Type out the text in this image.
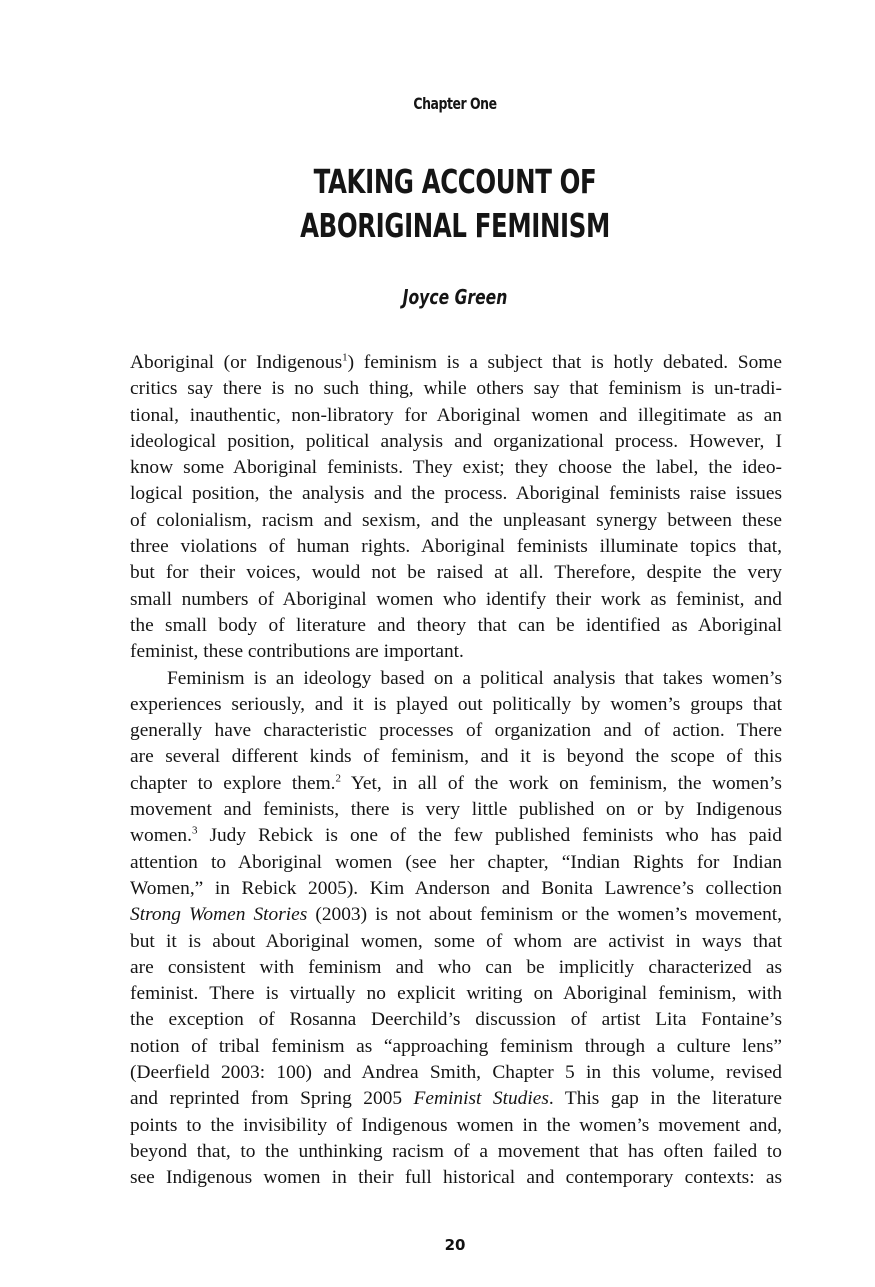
Chapter One
TAKING ACCOUNT OF
ABORIGINAL FEMINISM
Joyce Green
Aboriginal (or Indigenous$^1$) feminism is a subject that is hotly debated. Some
critics say there is no such thing, while others say that feminism is un-tradi-
tional, inauthentic, non-libratory for Aboriginal women and illegitimate as an
ideological position, political analysis and organizational process. However, I
know some Aboriginal feminists. They exist; they choose the label, the ideo-
logical position, the analysis and the process. Aboriginal feminists raise issues
of colonialism, racism and sexism, and the unpleasant synergy between these
three violations of human rights. Aboriginal feminists illuminate topics that,
but for their voices, would not be raised at all. Therefore, despite the very
small numbers of Aboriginal women who identify their work as feminist, and
the small body of literature and theory that can be identified as Aboriginal
feminist, these contributions are important.
Feminism is an ideology based on a political analysis that takes women’s
experiences seriously, and it is played out politically by women’s groups that
generally have characteristic processes of organization and of action. There
are several different kinds of feminism, and it is beyond the scope of this
chapter to explore them.$^2$ Yet, in all of the work on feminism, the women’s
movement and feminists, there is very little published on or by Indigenous
women.$^3$ Judy Rebick is one of the few published feminists who has paid
attention to Aboriginal women (see her chapter, “Indian Rights for Indian
Women,” in Rebick 2005). Kim Anderson and Bonita Lawrence’s collection
Strong Women Stories (2003) is not about feminism or the women’s movement,
but it is about Aboriginal women, some of whom are activist in ways that
are consistent with feminism and who can be implicitly characterized as
feminist. There is virtually no explicit writing on Aboriginal feminism, with
the exception of Rosanna Deerchild’s discussion of artist Lita Fontaine’s
notion of tribal feminism as “approaching feminism through a culture lens”
(Deerfield 2003: 100) and Andrea Smith, Chapter 5 in this volume, revised
and reprinted from Spring 2005 Feminist Studies. This gap in the literature
points to the invisibility of Indigenous women in the women’s movement and,
beyond that, to the unthinking racism of a movement that has often failed to
see Indigenous women in their full historical and contemporary contexts: as
20
